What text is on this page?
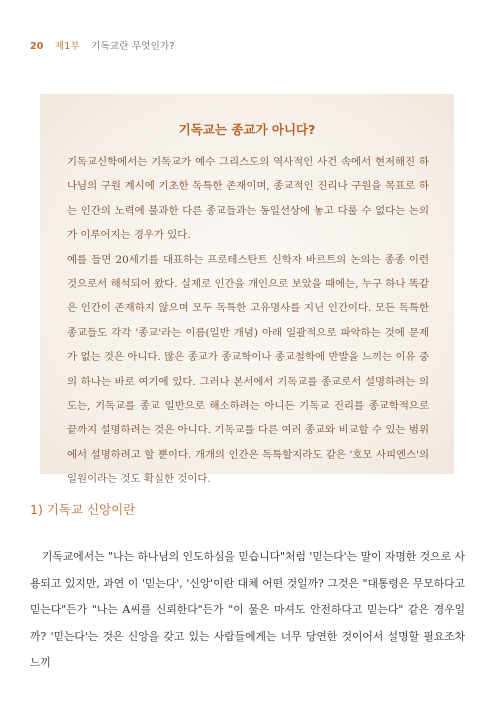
20 제1부 기독교란 무엇인가?
기독교는 종교가 아니다?

기독교신학에서는 기독교가 예수 그리스도의 역사적인 사건 속에서 현저해진 하나님의 구원 계시에 기초한 독특한 존재이며, 종교적인 진리나 구원을 목표로 하는 인간의 노력에 불과한 다른 종교들과는 동일선상에 놓고 다룰 수 없다는 논의가 이루어지는 경우가 있다.

예를 들면 20세기를 대표하는 프로테스탄트 신학자 바르트의 논의는 종종 이런 것으로서 해석되어 왔다. 실제로 인간을 개인으로 보았을 때에는, 누구 하나 똑같은 인간이 존재하지 않으며 모두 독특한 고유명사를 지닌 인간이다. 모든 독특한 종교들도 각각 '종교'라는 이름(일반 개념) 아래 일괄적으로 파악하는 것에 문제가 없는 것은 아니다. 많은 종교가 종교학이나 종교철학에 반발을 느끼는 이유 중의 하나는 바로 여기에 있다. 그러나 본서에서 기독교를 종교로서 설명하려는 의도는, 기독교를 종교 일반으로 해소하려는 아니든 기독교 진리를 종교학적으로 끝까지 설명하려는 것은 아니다. 기독교를 다른 여러 종교와 비교할 수 있는 범위에서 설명하려고 할 뿐이다. 개개의 인간은 독특할지라도 같은 '호모 사피엔스'의 일원이라는 것도 확실한 것이다.

1) 기독교 신앙이란

기독교에서는 "나는 하나님의 인도하심을 믿습니다"처럼 '믿는다'는 말이 자명한 것으로 사용되고 있지만, 과연 이 '믿는다', '신앙'이란 대체 어떤 것일까? 그것은 "대통령은 무모하다고 믿는다"든가 "나는 A씨를 신뢰한다"든가 "이 물은 마셔도 안전하다고 믿는다" 같은 경우일까? '믿는다'는 것은 신앙을 갖고 있는 사람들에게는 너무 당연한 것이어서 설명할 필요조차 느끼
